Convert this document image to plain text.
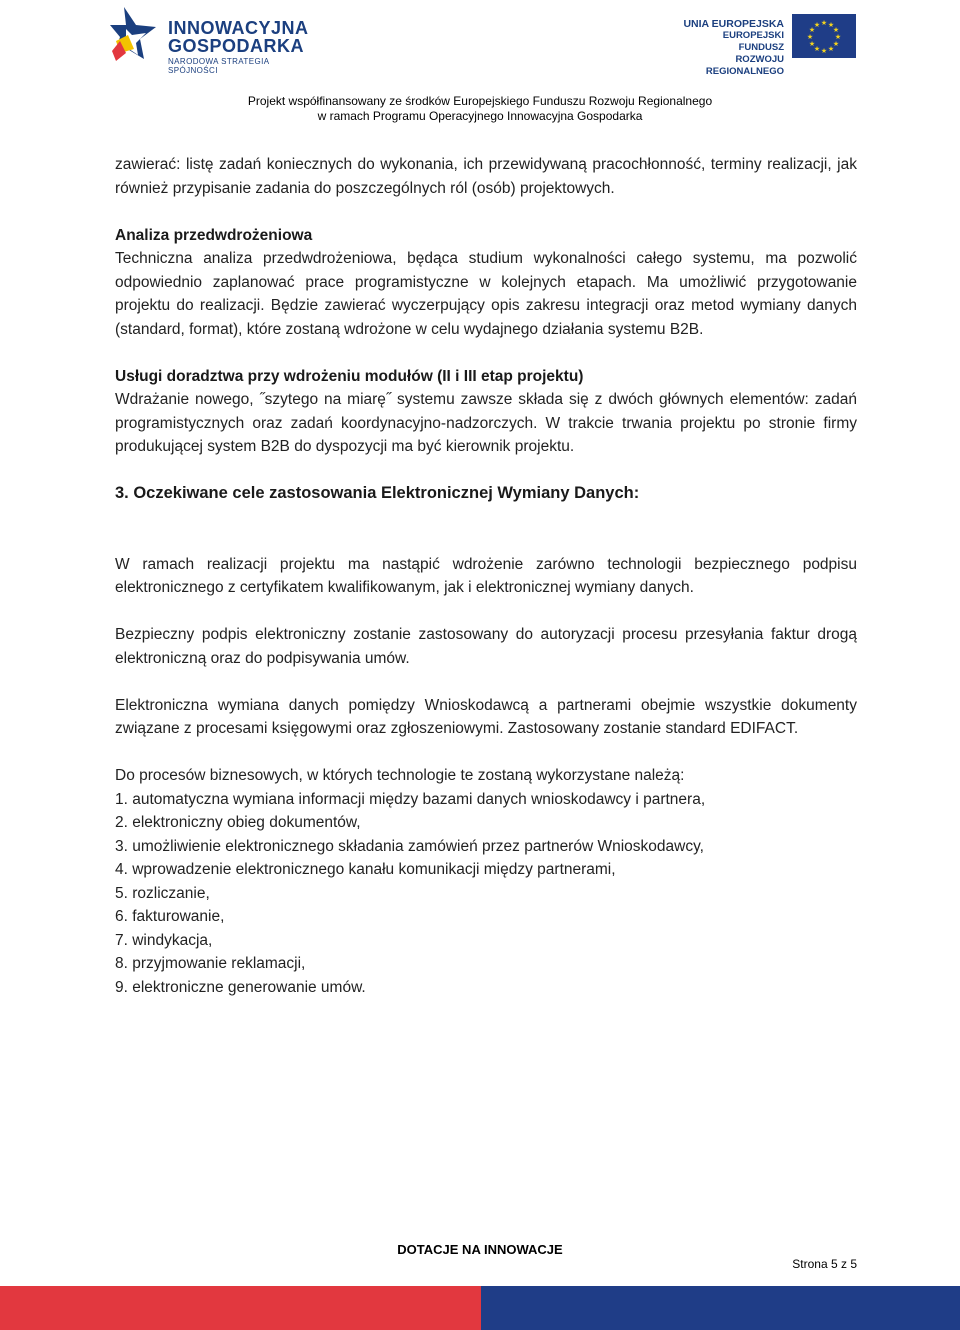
INNOWACYJNA
GOSPODARKA
NARODOWA STRATEGIA SPÓJNOŚCI
UNIA EUROPEJSKA
EUROPEJSKI FUNDUSZ
ROZWOJU REGIONALNEGO
★ ★
★
★
★
★
★
★
★
★
★
★
Projekt współfinansowany ze środków Europejskiego Funduszu Rozwoju Regionalnego
w ramach Programu Operacyjnego Innowacyjna Gospodarka

zawierać: listę zadań koniecznych do wykonania, ich przewidywaną pracochłonność, terminy realizacji, jak również przypisanie zadania do poszczególnych ról (osób) projektowych.

Analiza przedwdrożeniowa

Techniczna analiza przedwdrożeniowa, będąca studium wykonalności całego systemu, ma pozwolić odpowiednio zaplanować prace programistyczne w kolejnych etapach. Ma umożliwić przygotowanie projektu do realizacji. Będzie zawierać wyczerpujący opis zakresu integracji oraz metod wymiany danych (standard, format), które zostaną wdrożone w celu wydajnego działania systemu B2B.

Usługi doradztwa przy wdrożeniu modułów (II i III etap projektu)

Wdrażanie nowego, ˝szytego na miarę˝ systemu zawsze składa się z dwóch głównych elementów: zadań programistycznych oraz zadań koordynacyjno-nadzorczych. W trakcie trwania projektu po stronie firmy produkującej system B2B do dyspozycji ma być kierownik projektu.

3. Oczekiwane cele zastosowania Elektronicznej Wymiany Danych:

W ramach realizacji projektu ma nastąpić wdrożenie zarówno technologii bezpiecznego podpisu elektronicznego z certyfikatem kwalifikowanym, jak i elektronicznej wymiany danych.

Bezpieczny podpis elektroniczny zostanie zastosowany do autoryzacji procesu przesyłania faktur drogą elektroniczną oraz do podpisywania umów.

Elektroniczna wymiana danych pomiędzy Wnioskodawcą a partnerami obejmie wszystkie dokumenty związane z procesami księgowymi oraz zgłoszeniowymi. Zastosowany zostanie standard EDIFACT.

Do procesów biznesowych, w których technologie te zostaną wykorzystane należą:

1. automatyczna wymiana informacji między bazami danych wnioskodawcy i partnera,
2. elektroniczny obieg dokumentów,
3. umożliwienie elektronicznego składania zamówień przez partnerów Wnioskodawcy,
4. wprowadzenie elektronicznego kanału komunikacji między partnerami,
5. rozliczanie,
6. fakturowanie,
7. windykacja,
8. przyjmowanie reklamacji,
9. elektroniczne generowanie umów.
DOTACJE NA INNOWACJE
Strona 5 z 5
